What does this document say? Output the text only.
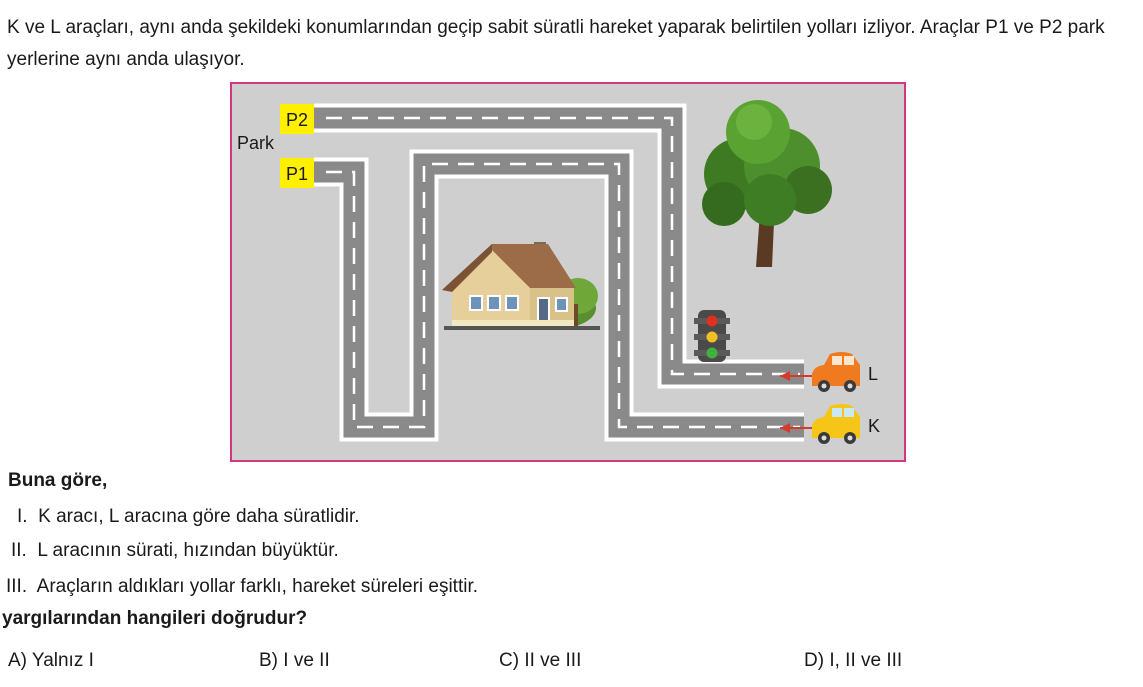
K ve L araçları, aynı anda şekildeki konumlarından geçip sabit süratli hareket yaparak belirtilen yolları izliyor. Araçlar P1 ve P2 park yerlerine aynı anda ulaşıyor.

Park
P2
P1
L
K

Buna göre,

I. K aracı, L aracına göre daha süratlidir.

II. L aracının sürati, hızından büyüktür.

III. Araçların aldıkları yollar farklı, hareket süreleri eşittir.

yargılarından hangileri doğrudur?

A) Yalnız I	B) I ve II	C) II ve III	D) I, II ve III
